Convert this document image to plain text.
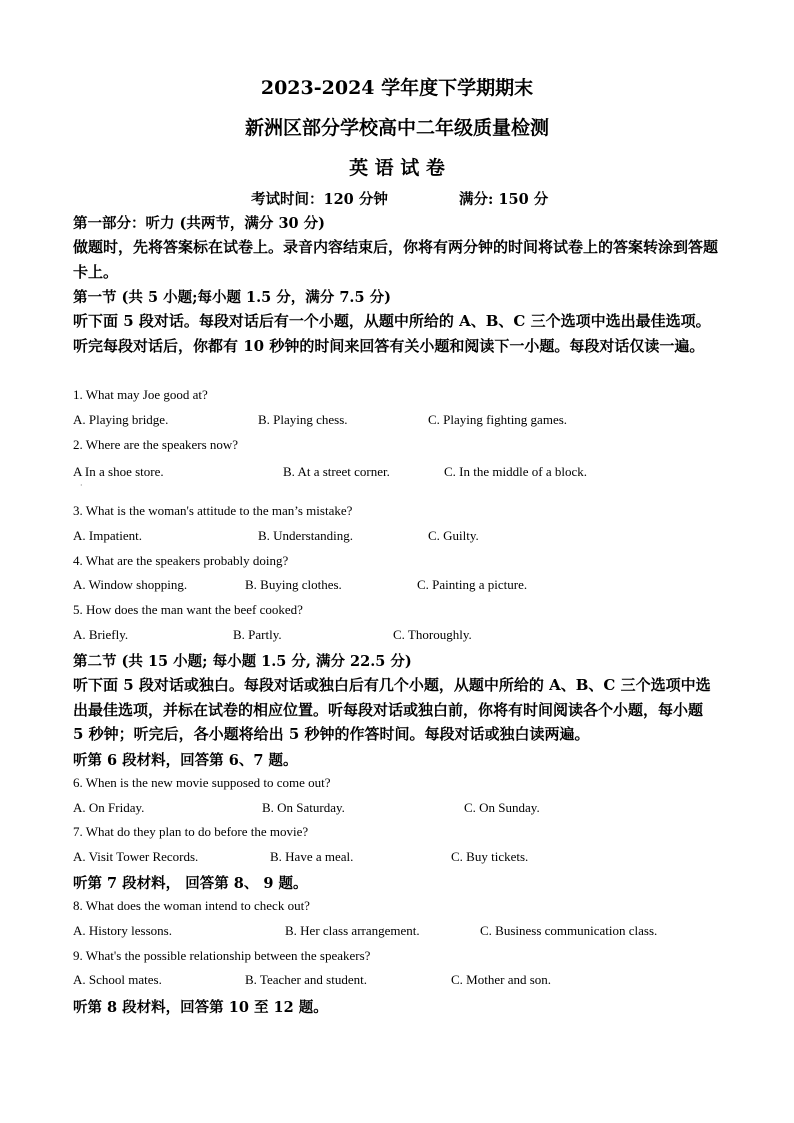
2023-2024 学年度下学期期末
新洲区部分学校高中二年级质量检测
英 语 试 卷
考试时间：120 分钟	满分: 150 分
第一部分：听力 (共两节，满分 30 分)
做题时，先将答案标在试卷上。录音内容结束后，你将有两分钟的时间将试卷上的答案转涂到答题卡上。
第一节 (共 5 小题;每小题 1.5 分，满分 7.5 分)
听下面 5 段对话。每段对话后有一个小题，从题中所给的 A、B、C 三个选项中选出最佳选项。听完每段对话后，你都有 10 秒钟的时间来回答有关小题和阅读下一小题。每段对话仅读一遍。
1. What may Joe good at?
A. Playing bridge.	B. Playing chess.	C. Playing fighting games.
2. Where are the speakers now?
A In a shoe store.	B. At a street corner.	C. In the middle of a block.
·
3. What is the woman's attitude to the man’s mistake?
A. Impatient.	B. Understanding.	C. Guilty.
4. What are the speakers probably doing?
A. Window shopping.	B. Buying clothes.	C. Painting a picture.
5. How does the man want the beef cooked?
A. Briefly.	B. Partly.	C. Thoroughly.
第二节 (共 15 小题; 每小题 1.5 分, 满分 22.5 分)
听下面 5 段对话或独白。每段对话或独白后有几个小题，从题中所给的 A、B、C 三个选项中选出最佳选项，并标在试卷的相应位置。听每段对话或独白前，你将有时间阅读各个小题，每小题 5 秒钟；听完后，各小题将给出 5 秒钟的作答时间。每段对话或独白读两遍。
听第 6 段材料，回答第 6、7 题。
6. When is the new movie supposed to come out?
A. On Friday.	B. On Saturday.	C. On Sunday.
7. What do they plan to do before the movie?
A. Visit Tower Records.	B. Have a meal.	C. Buy tickets.
听第 7 段材料， 回答第 8、 9 题。
8. What does the woman intend to check out?
A. History lessons.	B. Her class arrangement.	C. Business communication class.
9. What's the possible relationship between the speakers?
A. School mates.	B. Teacher and student.	C. Mother and son.
听第 8 段材料，回答第 10 至 12 题。
